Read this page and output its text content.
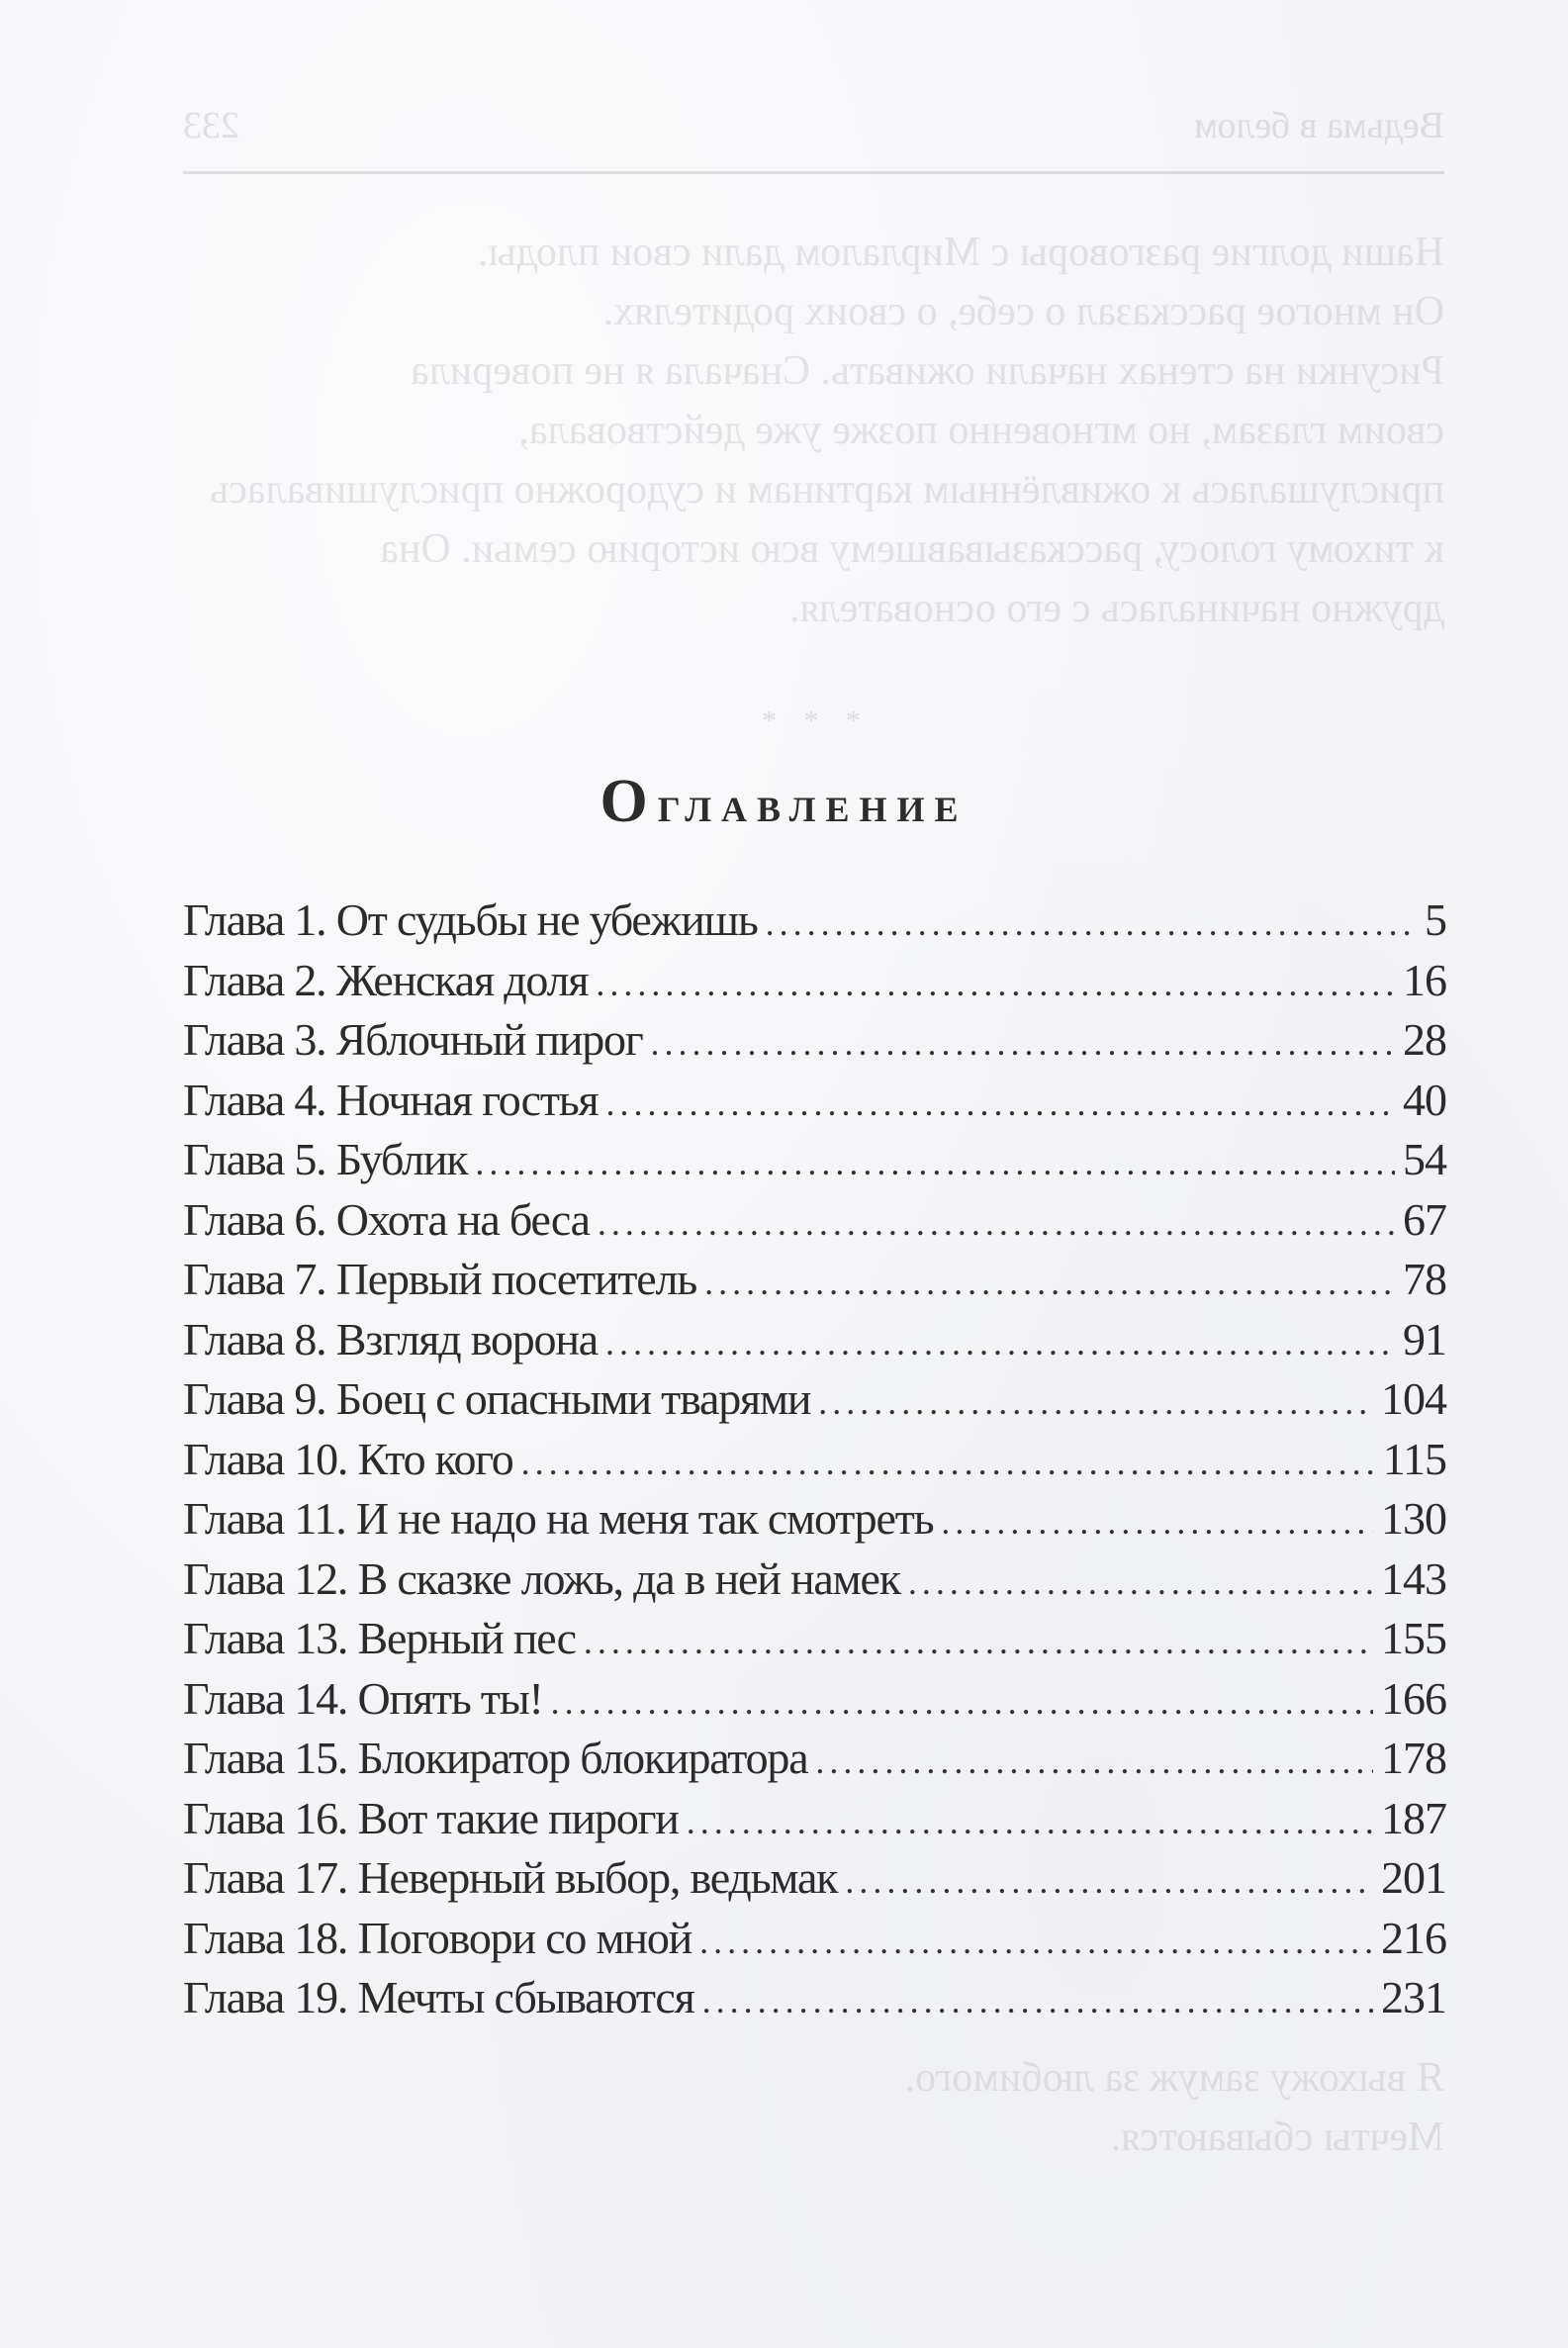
Ведьма в белом
233
Наши долгие разговоры с Мирлалом дали свои плоды.
Он многое рассказал о себе, о своих родителях.
Рисунки на стенах начали оживать. Сначала я не поверила
своим глазам, но мгновенно позже уже действовала,
прислушалась к оживлённым картинам и судорожно прислушивалась
к тихому голосу, рассказывавшему всю историю семьи. Она
дружно начиналась с его основателя.
* * *
Я выхожу замуж за любимого.
Мечты сбываются.
Оглавление
Глава 1. От судьбы не убежишь .....	5
Глава 2. Женская доля .....	16
Глава 3. Яблочный пирог .....	28
Глава 4. Ночная гостья .....	40
Глава 5. Бублик .....	54
Глава 6. Охота на беса .....	67
Глава 7. Первый посетитель .....	78
Глава 8. Взгляд ворона .....	91
Глава 9. Боец с опасными тварями .....	104
Глава 10. Кто кого .....	115
Глава 11. И не надо на меня так смотреть .....	130
Глава 12. В сказке ложь, да в ней намек .....	143
Глава 13. Верный пес .....	155
Глава 14. Опять ты! .....	166
Глава 15. Блокиратор блокиратора .....	178
Глава 16. Вот такие пироги .....	187
Глава 17. Неверный выбор, ведьмак .....	201
Глава 18. Поговори со мной .....	216
Глава 19. Мечты сбываются .....	231
